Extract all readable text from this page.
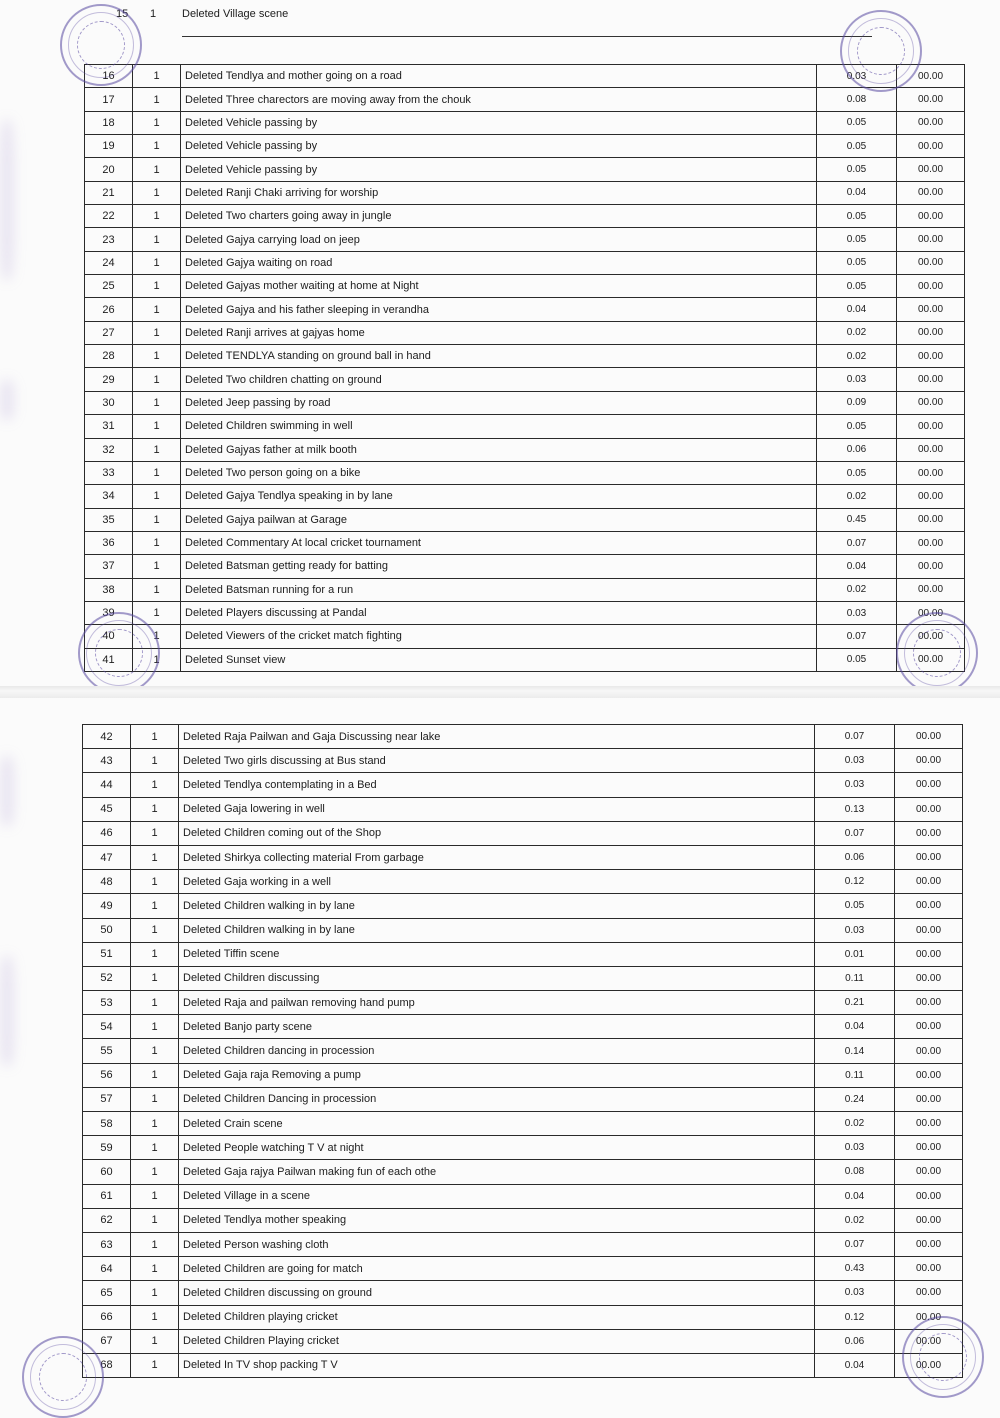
15 1 Deleted Village scene
16	1	Deleted Tendlya and mother going on a road	0.03	00.00
17	1	Deleted Three charectors are moving away from the chouk	0.08	00.00
18	1	Deleted Vehicle passing by	0.05	00.00
19	1	Deleted Vehicle passing by	0.05	00.00
20	1	Deleted Vehicle passing by	0.05	00.00
21	1	Deleted Ranji Chaki arriving for worship	0.04	00.00
22	1	Deleted Two charters going away in jungle	0.05	00.00
23	1	Deleted Gajya carrying load on jeep	0.05	00.00
24	1	Deleted Gajya waiting on road	0.05	00.00
25	1	Deleted Gajyas mother waiting at home at Night	0.05	00.00
26	1	Deleted Gajya and his father sleeping in verandha	0.04	00.00
27	1	Deleted Ranji arrives at gajyas home	0.02	00.00
28	1	Deleted TENDLYA standing on ground ball in hand	0.02	00.00
29	1	Deleted Two children chatting on ground	0.03	00.00
30	1	Deleted Jeep passing by road	0.09	00.00
31	1	Deleted Children swimming in well	0.05	00.00
32	1	Deleted Gajyas father at milk booth	0.06	00.00
33	1	Deleted Two person going on a bike	0.05	00.00
34	1	Deleted Gajya Tendlya speaking in by lane	0.02	00.00
35	1	Deleted Gajya pailwan at Garage	0.45	00.00
36	1	Deleted Commentary At local cricket tournament	0.07	00.00
37	1	Deleted Batsman getting ready for batting	0.04	00.00
38	1	Deleted Batsman running for a run	0.02	00.00
39	1	Deleted Players discussing at Pandal	0.03	00.00
40	1	Deleted Viewers of the cricket match fighting	0.07	00.00
41	1	Deleted Sunset view	0.05	00.00
42	1	Deleted Raja Pailwan and Gaja Discussing near lake	0.07	00.00
43	1	Deleted Two girls discussing at Bus stand	0.03	00.00
44	1	Deleted Tendlya contemplating in a Bed	0.03	00.00
45	1	Deleted Gaja lowering in well	0.13	00.00
46	1	Deleted Children coming out of the Shop	0.07	00.00
47	1	Deleted Shirkya collecting material From garbage	0.06	00.00
48	1	Deleted Gaja working in a well	0.12	00.00
49	1	Deleted Children walking in by lane	0.05	00.00
50	1	Deleted Children walking in by lane	0.03	00.00
51	1	Deleted Tiffin scene	0.01	00.00
52	1	Deleted Children discussing	0.11	00.00
53	1	Deleted Raja and pailwan removing hand pump	0.21	00.00
54	1	Deleted Banjo party scene	0.04	00.00
55	1	Deleted Children dancing in procession	0.14	00.00
56	1	Deleted Gaja raja Removing a pump	0.11	00.00
57	1	Deleted Children Dancing in procession	0.24	00.00
58	1	Deleted Crain scene	0.02	00.00
59	1	Deleted People watching T V at night	0.03	00.00
60	1	Deleted Gaja rajya Pailwan making fun of each othe	0.08	00.00
61	1	Deleted Village in a scene	0.04	00.00
62	1	Deleted Tendlya mother speaking	0.02	00.00
63	1	Deleted Person washing cloth	0.07	00.00
64	1	Deleted Children are going for match	0.43	00.00
65	1	Deleted Children discussing on ground	0.03	00.00
66	1	Deleted Children playing cricket	0.12	00.00
67	1	Deleted Children Playing cricket	0.06	00.00
68	1	Deleted In TV shop packing T V	0.04	00.00
